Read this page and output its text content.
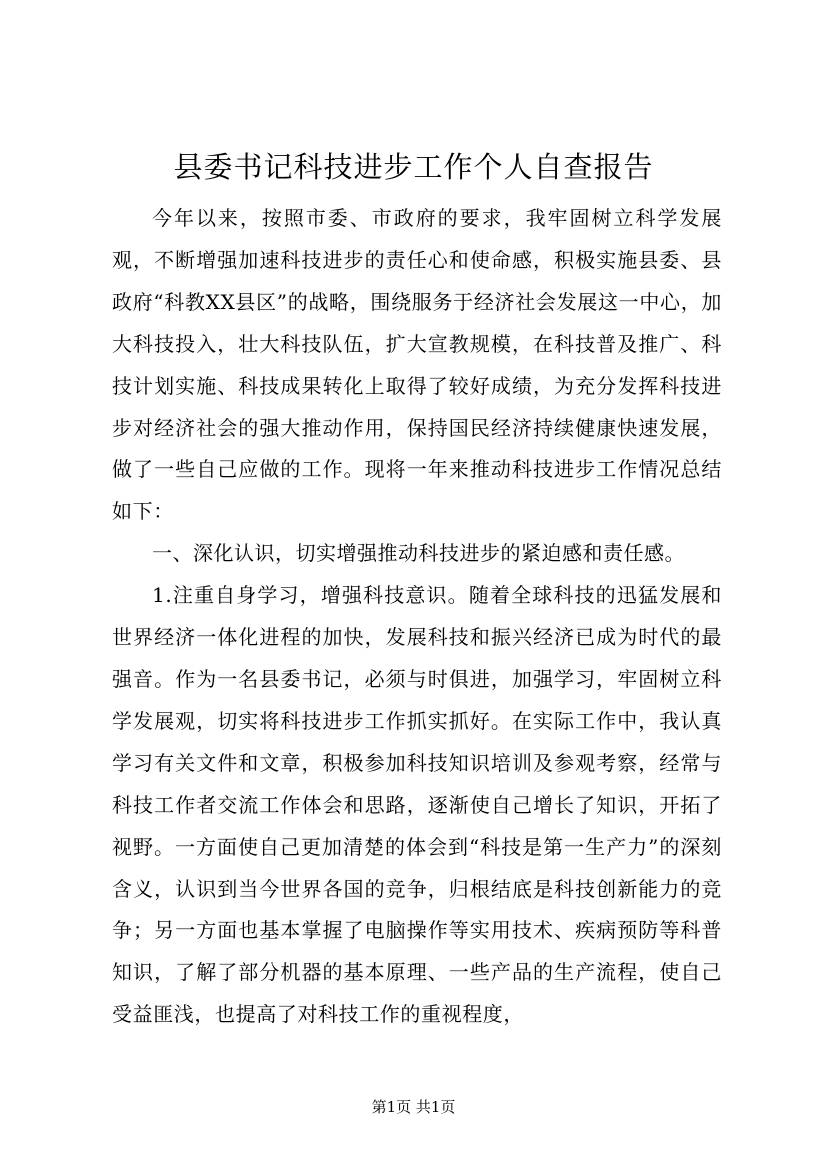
县委书记科技进步工作个人自查报告

今年以来，按照市委、市政府的要求，我牢固树立科学发展观，不断增强加速科技进步的责任心和使命感，积极实施县委、县政府“科教XX县区”的战略，围绕服务于经济社会发展这一中心，加大科技投入，壮大科技队伍，扩大宣教规模，在科技普及推广、科技计划实施、科技成果转化上取得了较好成绩，为充分发挥科技进步对经济社会的强大推动作用，保持国民经济持续健康快速发展，做了一些自己应做的工作。现将一年来推动科技进步工作情况总结如下：

一、深化认识，切实增强推动科技进步的紧迫感和责任感。

1.注重自身学习，增强科技意识。随着全球科技的迅猛发展和世界经济一体化进程的加快，发展科技和振兴经济已成为时代的最强音。作为一名县委书记，必须与时俱进，加强学习，牢固树立科学发展观，切实将科技进步工作抓实抓好。在实际工作中，我认真学习有关文件和文章，积极参加科技知识培训及参观考察，经常与科技工作者交流工作体会和思路，逐渐使自己增长了知识，开拓了视野。一方面使自己更加清楚的体会到“科技是第一生产力”的深刻含义，认识到当今世界各国的竞争，归根结底是科技创新能力的竞争；另一方面也基本掌握了电脑操作等实用技术、疾病预防等科普知识，了解了部分机器的基本原理、一些产品的生产流程，使自己受益匪浅，也提高了对科技工作的重视程度，

第1页 共1页
